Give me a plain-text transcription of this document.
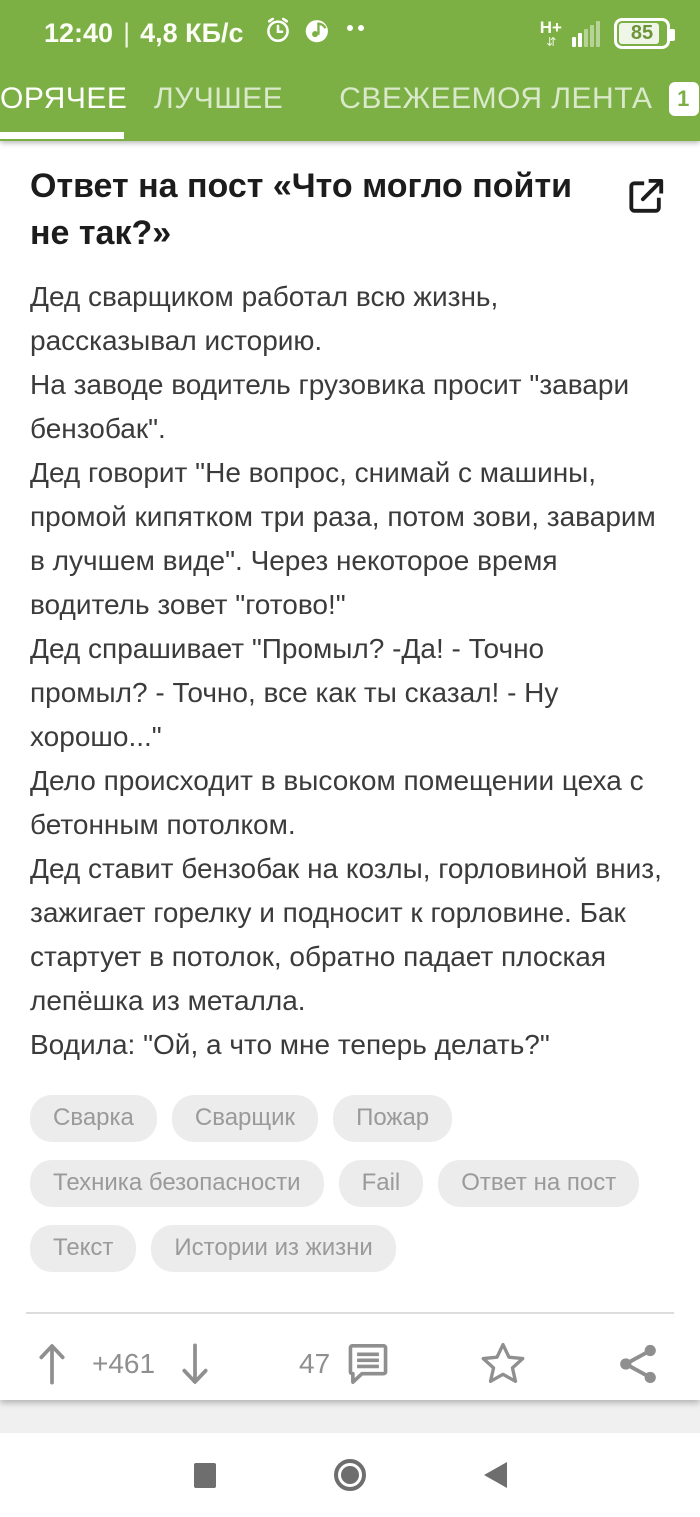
12:40 | 4,8 КБ/с	H+
⇵	85
ОРЯЧЕЕ ЛУЧШЕЕ СВЕЖЕЕ МОЯ ЛЕНТА	1
Ответ на пост «Что могло пойти не так?»
Дед сварщиком работал всю жизнь, рассказывал историю.
На заводе водитель грузовика просит "завари бензобак".
Дед говорит "Не вопрос, снимай с машины, промой кипятком три раза, потом зови, заварим в лучшем виде". Через некоторое время водитель зовет "готово!"
Дед спрашивает "Промыл? -Да! - Точно промыл? - Точно, все как ты сказал! - Ну хорошо..."
Дело происходит в высоком помещении цеха с бетонным потолком.
Дед ставит бензобак на козлы, горловиной вниз, зажигает горелку и подносит к горловине. Бак стартует в потолок, обратно падает плоская лепёшка из металла.
Водила: "Ой, а что мне теперь делать?"
Сварка	Сварщик	Пожар
Техника безопасности	Fail	Ответ на пост
Текст	Истории из жизни
+461	47
